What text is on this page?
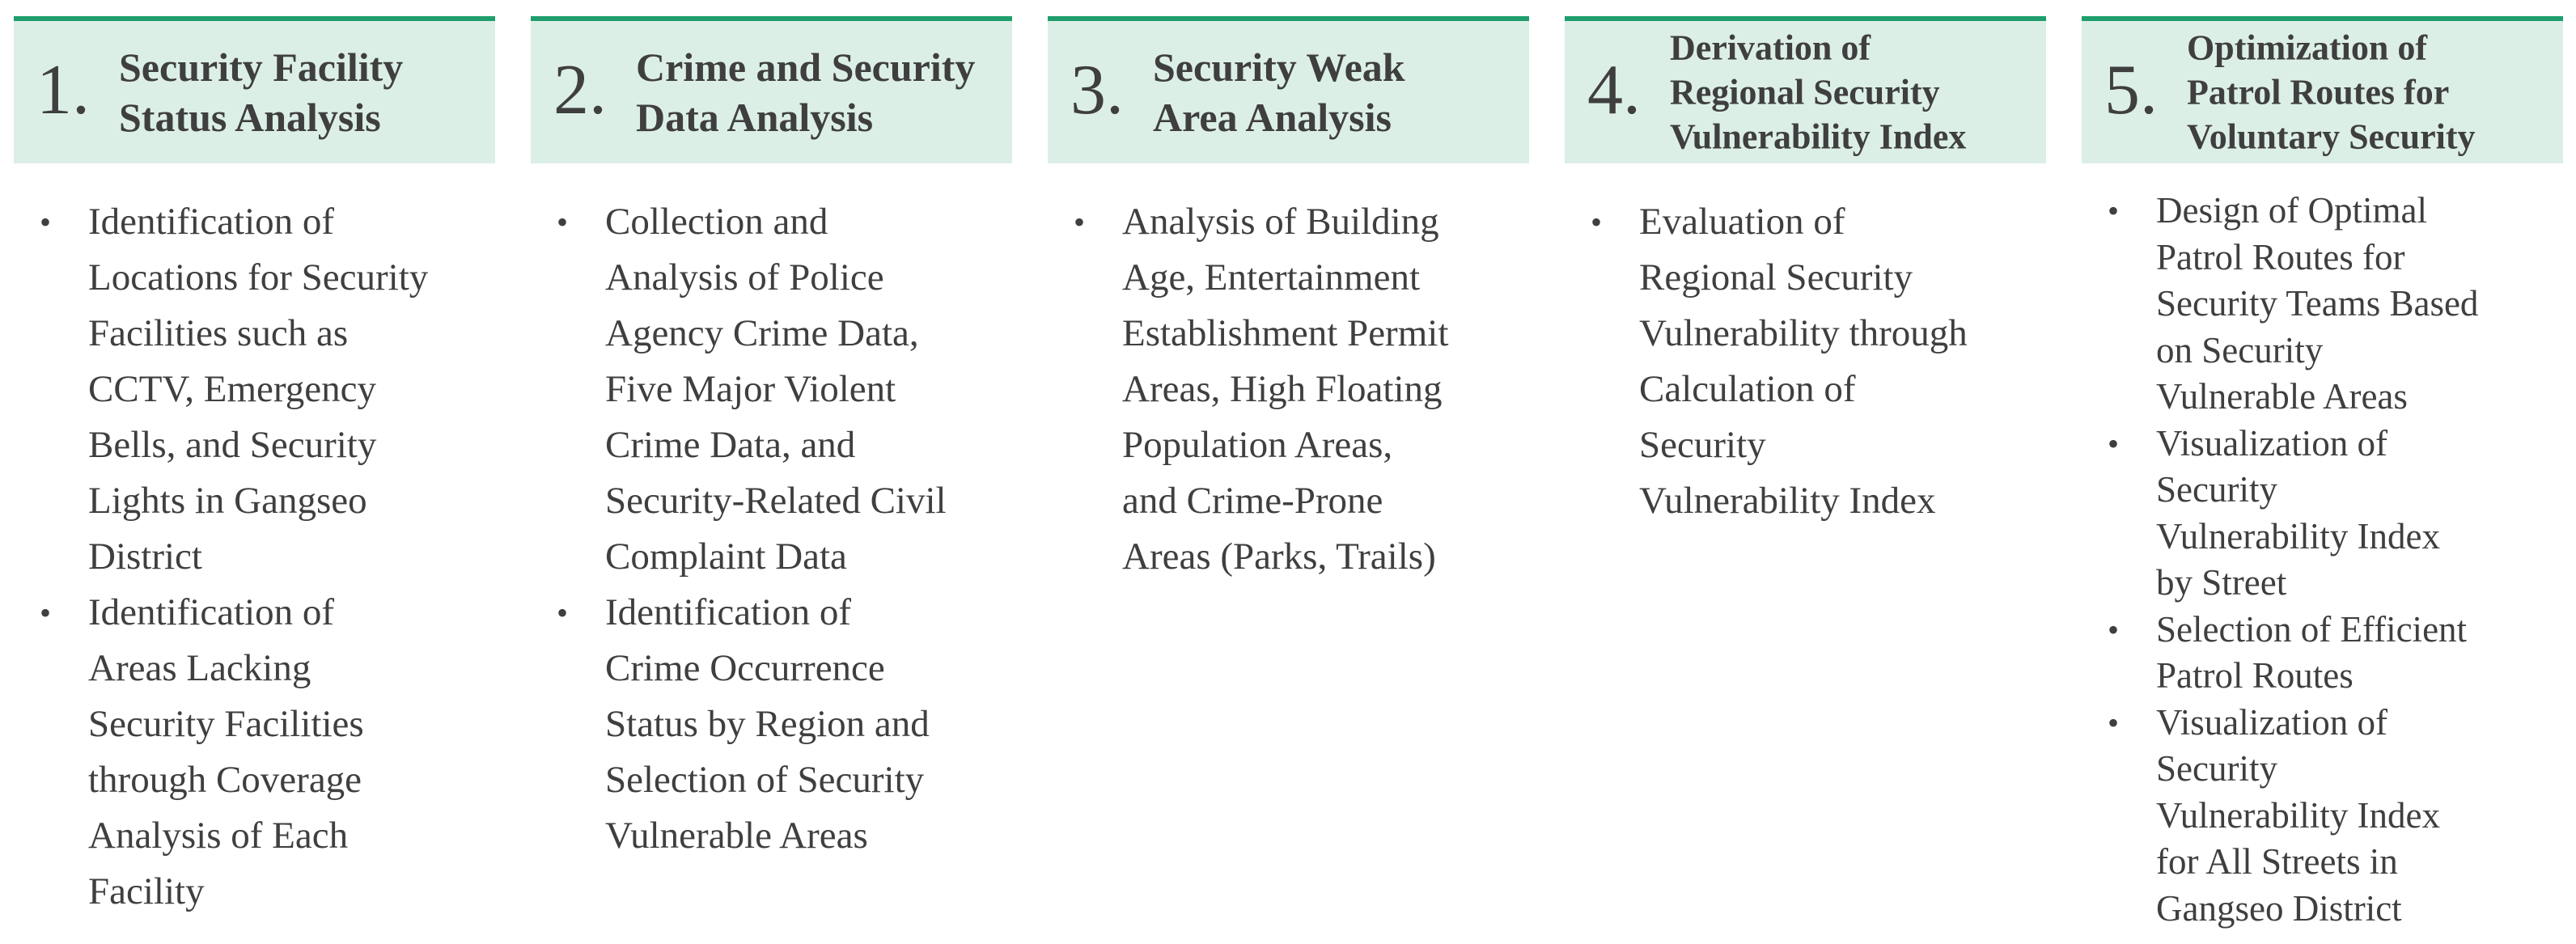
1. Security Facility
Status Analysis
• Identification of
Locations for Security
Facilities such as
CCTV, Emergency
Bells, and Security
Lights in Gangseo
District
• Identification of
Areas Lacking
Security Facilities
through Coverage
Analysis of Each
Facility
2. Crime and Security
Data Analysis
• Collection and
Analysis of Police
Agency Crime Data,
Five Major Violent
Crime Data, and
Security-Related Civil
Complaint Data
• Identification of
Crime Occurrence
Status by Region and
Selection of Security
Vulnerable Areas
3. Security Weak
Area Analysis
• Analysis of Building
Age, Entertainment
Establishment Permit
Areas, High Floating
Population Areas,
and Crime-Prone
Areas (Parks, Trails)
4.
Derivation of
Regional Security
Vulnerability Index
• Evaluation of
Regional Security
Vulnerability through
Calculation of
Security
Vulnerability Index
5.
Optimization of
Patrol Routes for
Voluntary Security
• Design of Optimal
Patrol Routes for
Security Teams Based
on Security
Vulnerable Areas
• Visualization of
Security
Vulnerability Index
by Street
• Selection of Efficient
Patrol Routes
• Visualization of
Security
Vulnerability Index
for All Streets in
Gangseo District
